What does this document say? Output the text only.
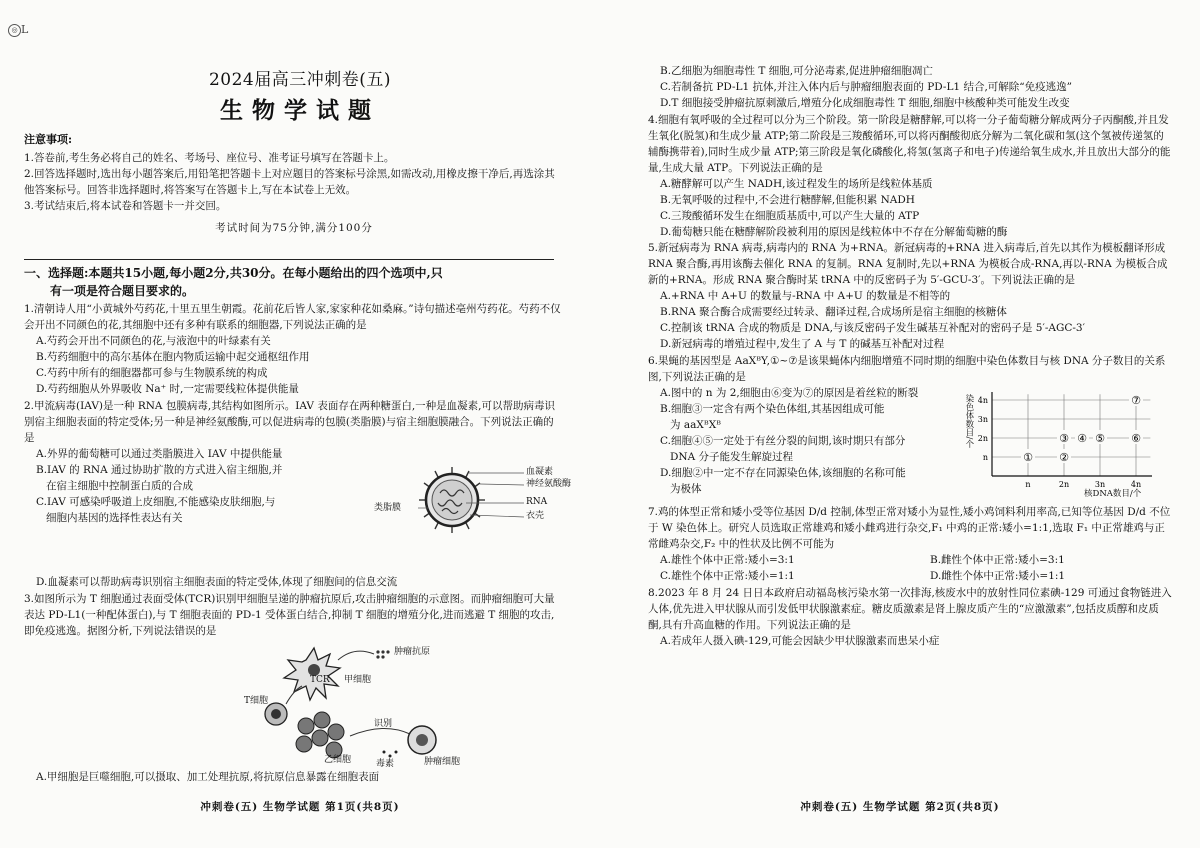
◎ L
2024届高三冲刺卷(五)
生物学试题
注意事项:

1.答卷前,考生务必将自己的姓名、考场号、座位号、准考证号填写在答题卡上。

2.回答选择题时,选出每小题答案后,用铅笔把答题卡上对应题目的答案标号涂黑,如需改动,用橡皮擦干净后,再选涂其他答案标号。回答非选择题时,将答案写在答题卡上,写在本试卷上无效。

3.考试结束后,将本试卷和答题卡一并交回。

考试时间为75分钟,满分100分
一、选择题:本题共15小题,每小题2分,共30分。在每小题给出的四个选项中,只
有一项是符合题目要求的。

1.清朝诗人用“小黄城外芍药花,十里五里生朝霞。花前花后皆人家,家家种花如桑麻。”诗句描述亳州芍药花。芍药不仅会开出不同颜色的花,其细胞中还有多种有联系的细胞器,下列说法正确的是

A.芍药会开出不同颜色的花,与液泡中的叶绿素有关

B.芍药细胞中的高尔基体在胞内物质运输中起交通枢纽作用

C.芍药中所有的细胞器都可参与生物膜系统的构成

D.芍药细胞从外界吸收 Na⁺ 时,一定需要线粒体提供能量

2.甲流病毒(IAV)是一种 RNA 包膜病毒,其结构如图所示。IAV 表面存在两种糖蛋白,一种是血凝素,可以帮助病毒识别宿主细胞表面的特定受体;另一种是神经氨酸酶,可以促进病毒的包膜(类脂膜)与宿主细胞膜融合。下列说法正确的是

A.外界的葡萄糖可以通过类脂膜进入 IAV 中提供能量

B.IAV 的 RNA 通过协助扩散的方式进入宿主细胞,并

在宿主细胞中控制蛋白质的合成

C.IAV 可感染呼吸道上皮细胞,不能感染皮肤细胞,与

细胞内基因的选择性表达有关

血凝素
神经氨酸酶
RNA
衣壳
类脂膜

D.血凝素可以帮助病毒识别宿主细胞表面的特定受体,体现了细胞间的信息交流

3.如图所示为 T 细胞通过表面受体(TCR)识别甲细胞呈递的肿瘤抗原后,攻击肿瘤细胞的示意图。而肿瘤细胞可大量表达 PD-L1(一种配体蛋白),与 T 细胞表面的 PD-1 受体蛋白结合,抑制 T 细胞的增殖分化,进而逃避 T 细胞的攻击,即免疫逃逸。据图分析,下列说法错误的是

TCR 甲细胞
肿瘤抗原
T细胞
识别
乙细胞	毒素	肿瘤细胞

A.甲细胞是巨噬细胞,可以摄取、加工处理抗原,将抗原信息暴露在细胞表面

冲刺卷(五) 生物学试题 第1页(共8页)

B.乙细胞为细胞毒性 T 细胞,可分泌毒素,促进肿瘤细胞凋亡

C.若制备抗 PD-L1 抗体,并注入体内后与肿瘤细胞表面的 PD-L1 结合,可解除“免疫逃逸”

D.T 细胞接受肿瘤抗原刺激后,增殖分化成细胞毒性 T 细胞,细胞中核酸种类可能发生改变

4.细胞有氧呼吸的全过程可以分为三个阶段。第一阶段是糖酵解,可以将一分子葡萄糖分解成两分子丙酮酸,并且发生氧化(脱氢)和生成少量 ATP;第二阶段是三羧酸循环,可以将丙酮酸彻底分解为二氧化碳和氢(这个氢被传递氢的辅酶携带着),同时生成少量 ATP;第三阶段是氧化磷酸化,将氢(氢离子和电子)传递给氧生成水,并且放出大部分的能量,生成大量 ATP。下列说法正确的是

A.糖酵解可以产生 NADH,该过程发生的场所是线粒体基质

B.无氧呼吸的过程中,不会进行糖酵解,但能积累 NADH

C.三羧酸循环发生在细胞质基质中,可以产生大量的 ATP

D.葡萄糖只能在糖酵解阶段被利用的原因是线粒体中不存在分解葡萄糖的酶

5.新冠病毒为 RNA 病毒,病毒内的 RNA 为+RNA。新冠病毒的+RNA 进入病毒后,首先以其作为模板翻译形成 RNA 聚合酶,再用该酶去催化 RNA 的复制。RNA 复制时,先以+RNA 为模板合成-RNA,再以-RNA 为模板合成新的+RNA。形成 RNA 聚合酶时某 tRNA 中的反密码子为 5′-GCU-3′。下列说法正确的是

A.+RNA 中 A+U 的数量与-RNA 中 A+U 的数量是不相等的

B.RNA 聚合酶合成需要经过转录、翻译过程,合成场所是宿主细胞的核糖体

C.控制该 tRNA 合成的物质是 DNA,与该反密码子发生碱基互补配对的密码子是 5′-AGC-3′

D.新冠病毒的增殖过程中,发生了 A 与 T 的碱基互补配对过程

6.果蝇的基因型是 AaXᴮY,①~⑦是该果蝇体内细胞增殖不同时期的细胞中染色体数目与核 DNA 分子数目的关系图,下列说法正确的是

A.图中的 n 为 2,细胞由⑥变为⑦的原因是着丝粒的断裂

B.细胞③一定含有两个染色体组,其基因组成可能

为 aaXᴮXᴮ

C.细胞④⑤一定处于有丝分裂的间期,该时期只有部分

DNA 分子能发生解旋过程

D.细胞②中一定不存在同源染色体,该细胞的名称可能

为极体

n
2n
3n
4n
n	2n	3n	4n
① ②
③ ④ ⑤ ⑥
⑦
染色体数目/个
核DNA数目/个

7.鸡的体型正常和矮小受等位基因 D/d 控制,体型正常对矮小为显性,矮小鸡饲料利用率高,已知等位基因 D/d 不位于 W 染色体上。研究人员选取正常雄鸡和矮小雌鸡进行杂交,F₁ 中鸡的正常:矮小=1:1,选取 F₁ 中正常雄鸡与正常雌鸡杂交,F₂ 中的性状及比例不可能为

A.雄性个体中正常:矮小=3:1	B.雌性个体中正常:矮小=3:1

C.雄性个体中正常:矮小=1:1	D.雌性个体中正常:矮小=1:1

8.2023 年 8 月 24 日日本政府启动福岛核污染水第一次排海,核废水中的放射性同位素碘-129 可通过食物链进入人体,优先进入甲状腺从而引发低甲状腺激素症。糖皮质激素是肾上腺皮质产生的“应激激素”,包括皮质醇和皮质酮,具有升高血糖的作用。下列说法正确的是

A.若成年人摄入碘-129,可能会因缺少甲状腺激素而患呆小症

冲刺卷(五) 生物学试题 第2页(共8页)
